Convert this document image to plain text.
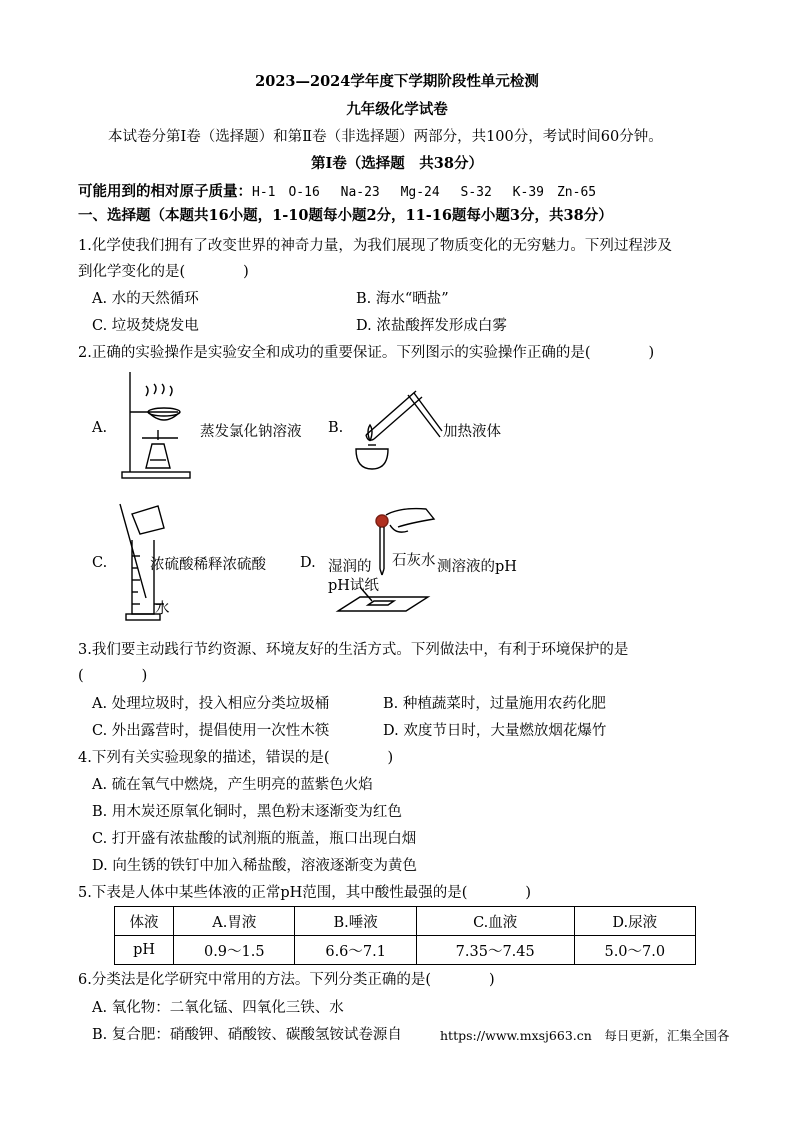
2023—2024学年度下学期阶段性单元检测
九年级化学试卷
本试卷分第Ⅰ卷（选择题）和第Ⅱ卷（非选择题）两部分，共100分，考试时间60分钟。
第Ⅰ卷（选择题　共38分）
可能用到的相对原子质量：H-1　O-16　 Na-23　 Mg-24　 S-32　 K-39　Zn-65
一、选择题（本题共16小题，1-10题每小题2分，11-16题每小题3分，共38分）
1.化学使我们拥有了改变世界的神奇力量，为我们展现了物质变化的无穷魅力。下列过程涉及
到化学变化的是(　　　　)
A. 水的天然循环	B. 海水“晒盐”
C. 垃圾焚烧发电	D. 浓盐酸挥发形成白雾
2.正确的实验操作是实验安全和成功的重要保证。下列图示的实验操作正确的是(　　　　)
A.	蒸发氯化钠溶液 B.	加热液体
C.	浓硫酸稀释浓硫酸
水
D. 湿润的
pH试纸
石灰水 测溶液的pH
3.我们要主动践行节约资源、环境友好的生活方式。下列做法中，有利于环境保护的是
(　　　　)
A. 处理垃圾时，投入相应分类垃圾桶	B. 种植蔬菜时，过量施用农药化肥
C. 外出露营时，提倡使用一次性木筷	D. 欢度节日时，大量燃放烟花爆竹
4.下列有关实验现象的描述，错误的是(　　　　)
A. 硫在氧气中燃烧，产生明亮的蓝紫色火焰
B. 用木炭还原氧化铜时，黑色粉末逐渐变为红色
C. 打开盛有浓盐酸的试剂瓶的瓶盖，瓶口出现白烟
D. 向生锈的铁钉中加入稀盐酸，溶液逐渐变为黄色
5.下表是人体中某些体液的正常pH范围，其中酸性最强的是(　　　　)
体液	A.胃液	B.唾液	C.血液	D.尿液
pH	0.9～1.5	6.6～7.1	7.35～7.45	5.0～7.0
6.分类法是化学研究中常用的方法。下列分类正确的是(　　　　)
A. 氧化物：二氧化锰、四氧化三铁、水
B. 复合肥：硝酸钾、硝酸铵、碳酸氢铵试卷源自	https://www.mxsj663.cn　每日更新，汇集全国各
